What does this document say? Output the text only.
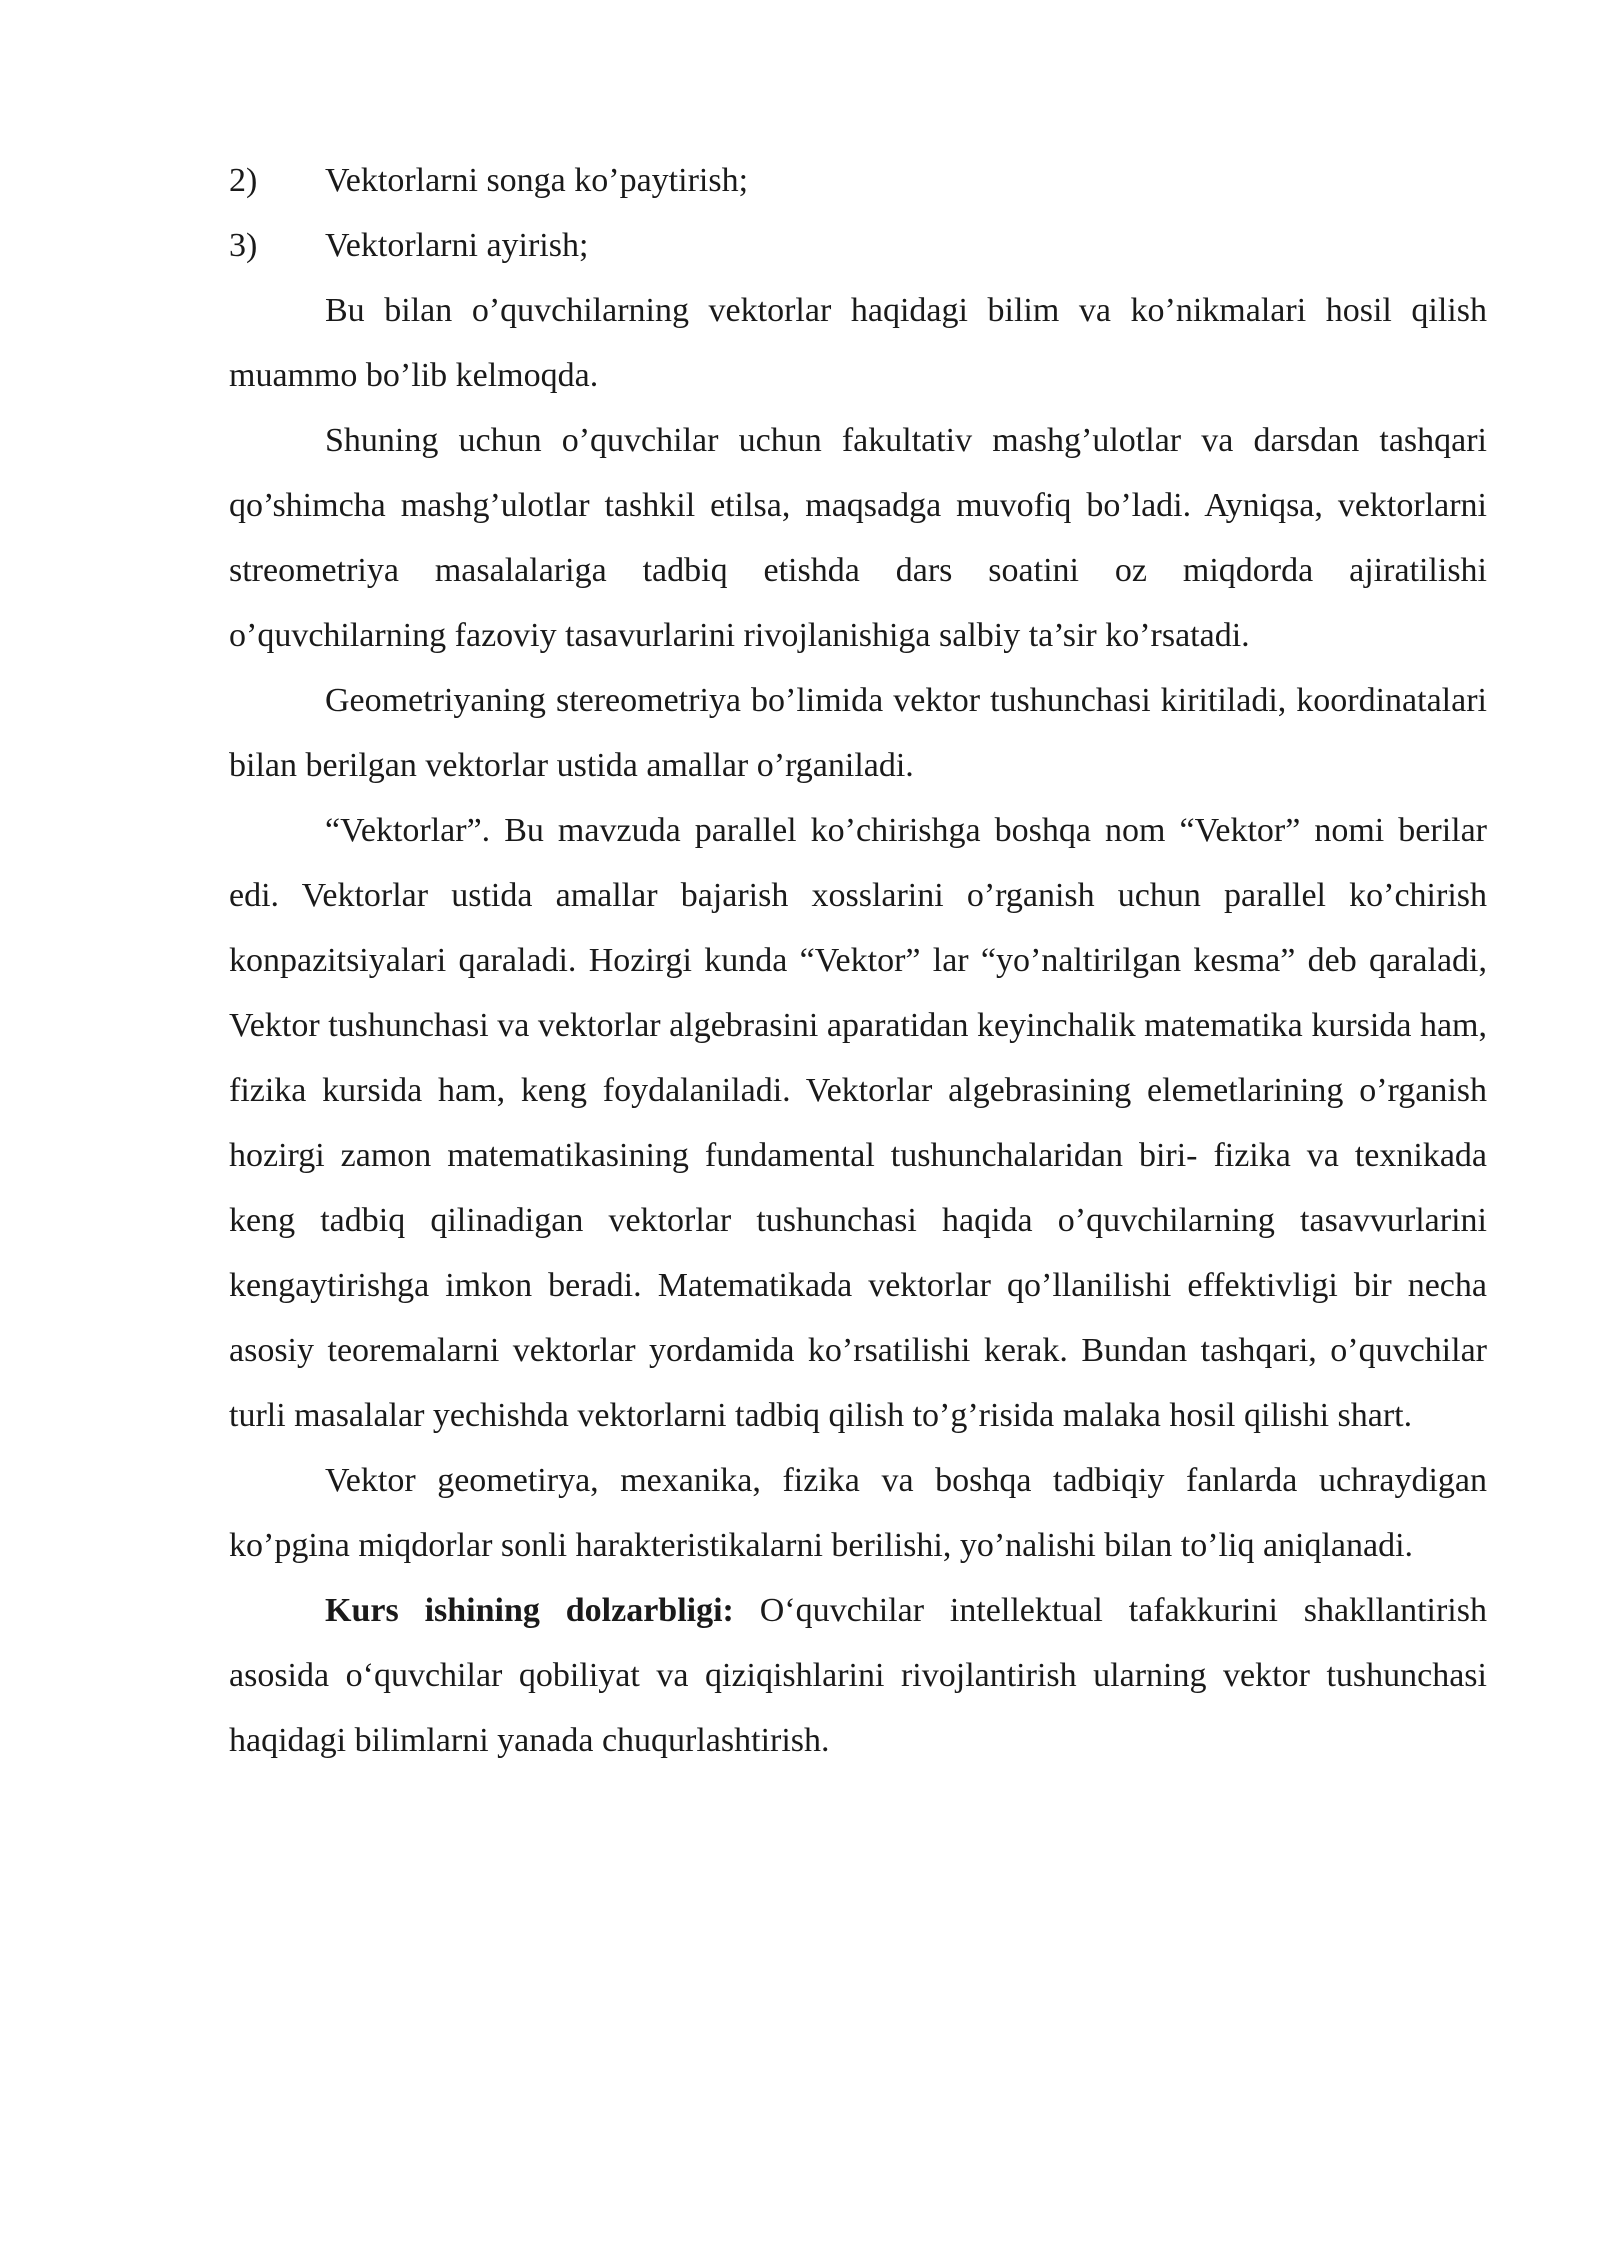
2)	Vektorlarni songa ko’paytirish;
3)	Vektorlarni ayirish;

Bu bilan o’quvchilarning vektorlar haqidagi bilim va ko’nikmalari hosil qilish muammo bo’lib kelmoqda.

Shuning uchun o’quvchilar uchun fakultativ mashg’ulotlar va darsdan tashqari qo’shimcha mashg’ulotlar tashkil etilsa, maqsadga muvofiq bo’ladi. Ayniqsa, vektorlarni streometriya masalalariga tadbiq etishda dars soatini oz miqdorda ajiratilishi o’quvchilarning fazoviy tasavurlarini rivojlanishiga salbiy ta’sir ko’rsatadi.

Geometriyaning stereometriya bo’limida vektor tushunchasi kiritiladi, koordinatalari bilan berilgan vektorlar ustida amallar o’rganiladi.

“Vektorlar”. Bu mavzuda parallel ko’chirishga boshqa nom “Vektor” nomi berilar edi. Vektorlar ustida amallar bajarish xosslarini o’rganish uchun parallel ko’chirish konpazitsiyalari qaraladi. Hozirgi kunda “Vektor” lar “yo’naltirilgan kesma” deb qaraladi, Vektor tushunchasi va vektorlar algebrasini aparatidan keyinchalik matematika kursida ham, fizika kursida ham, keng foydalaniladi. Vektorlar algebrasining elemetlarining o’rganish hozirgi zamon matematikasining fundamental tushunchalaridan biri- fizika va texnikada keng tadbiq qilinadigan vektorlar tushunchasi haqida o’quvchilarning tasavvurlarini kengaytirishga imkon beradi. Matematikada vektorlar qo’llanilishi effektivligi bir necha asosiy teoremalarni vektorlar yordamida ko’rsatilishi kerak. Bundan tashqari, o’quvchilar turli masalalar yechishda vektorlarni tadbiq qilish to’g’risida malaka hosil qilishi shart.

Vektor geometirya, mexanika, fizika va boshqa tadbiqiy fanlarda uchraydigan ko’pgina miqdorlar sonli harakteristikalarni berilishi, yo’nalishi bilan to’liq aniqlanadi.

Kurs ishining dolzarbligi: O‘quvchilar intellektual tafakkurini shakllantirish asosida o‘quvchilar qobiliyat va qiziqishlarini rivojlantirish ularning vektor tushunchasi haqidagi bilimlarni yanada chuqurlashtirish.
